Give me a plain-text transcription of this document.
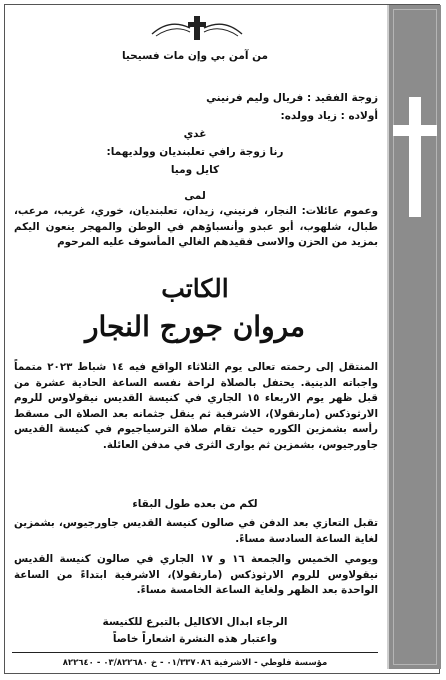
من آمن بي وإن مات فسيحيا
زوجة الفقيد : فريال وليم فرنيني
أولاده : زياد وولده:
غدي
رنا زوجة رافي تعلبنديان وولديهما:
كايل وميا
لمى
وعموم عائلات: النجار، فرنيني، زيدان، تعلبنديان، خوري، غريب، مرعب، طبال، شلهوب، أبو عبدو وأنسباؤهم في الوطن والمهجر ينعون اليكم بمزيد من الحزن والاسى فقيدهم الغالي المأسوف عليه المرحوم
الكاتب
مروان جورج النجار
المنتقل إلى رحمته تعالى يوم الثلاثاء الواقع فيه ١٤ شباط ٢٠٢٣ متمماً واجباته الدينية. يحتفل بالصلاة لراحة نفسه الساعة الحادية عشرة من قبل ظهر يوم الاربعاء ١٥ الجاري في كنيسة القديس نيقولاوس للروم الارثوذكس (مارنقولا)، الاشرفية ثم ينقل جثمانه بعد الصلاة الى مسقط رأسه بشمزين الكوره حيث تقام صلاة الترسياجيوم في كنيسة القديس جاورجيوس، بشمزين ثم يوارى الثرى في مدفن العائلة.
لكم من بعده طول البقاء
تقبل التعازي بعد الدفن في صالون كنيسة القديس جاورجيوس، بشمزين لغاية الساعة السادسة مساءً.
ويومي الخميس والجمعة ١٦ و ١٧ الجاري في صالون كنيسة القديس نيقولاوس للروم الارثوذكس (مارنقولا)، الاشرفية ابتداءً من الساعة الواحدة بعد الظهر ولغاية الساعة الخامسة مساءً.
الرجاء ابدال الاكاليل بالتبرع للكنيسة
واعتبار هذه النشرة اشعاراً خاصاً
مؤسسة فلوطي - الاشرفية ٠١/٣٣٧٠٨٦ - خ ٠٣/٨٢٢٦٨٠ - ٨٢٢٦٤٠
